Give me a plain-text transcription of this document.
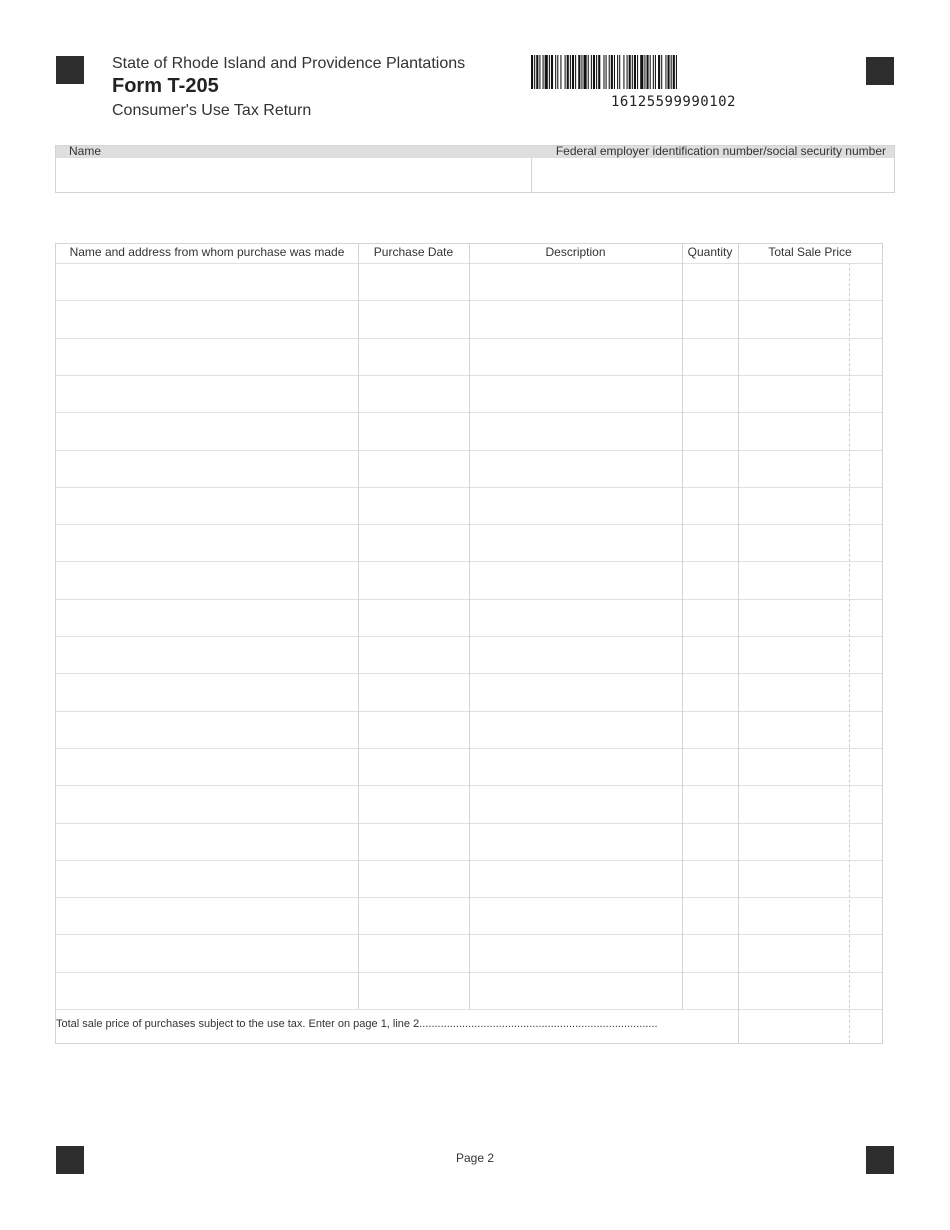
State of Rhode Island and Providence Plantations
Form T-205
Consumer's Use Tax Return	16125599990102
Name	Federal employer identification number/social security number
Name and address from whom purchase was made	Purchase Date	Description	Quantity	Total Sale Price
Total sale price of purchases subject to the use tax. Enter on page 1, line 2..............................................................................
Page 2
